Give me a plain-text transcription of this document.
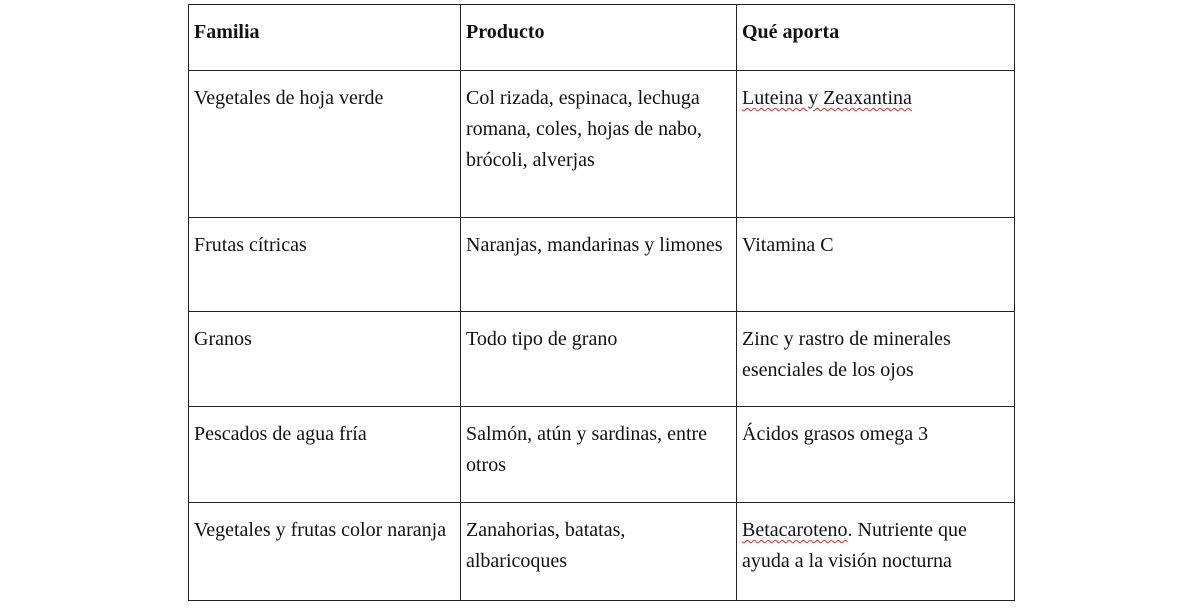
Familia	Producto	Qué aporta
Vegetales de hoja verde	Col rizada, espinaca, lechuga romana, coles, hojas de nabo, brócoli, alverjas	Luteina y Zeaxantina
Frutas cítricas	Naranjas, mandarinas y limones	Vitamina C
Granos	Todo tipo de grano	Zinc y rastro de minerales esenciales de los ojos
Pescados de agua fría	Salmón, atún y sardinas, entre otros	Ácidos grasos omega 3
Vegetales y frutas color naranja	Zanahorias, batatas, albaricoques	Betacaroteno. Nutriente que ayuda a la visión nocturna
